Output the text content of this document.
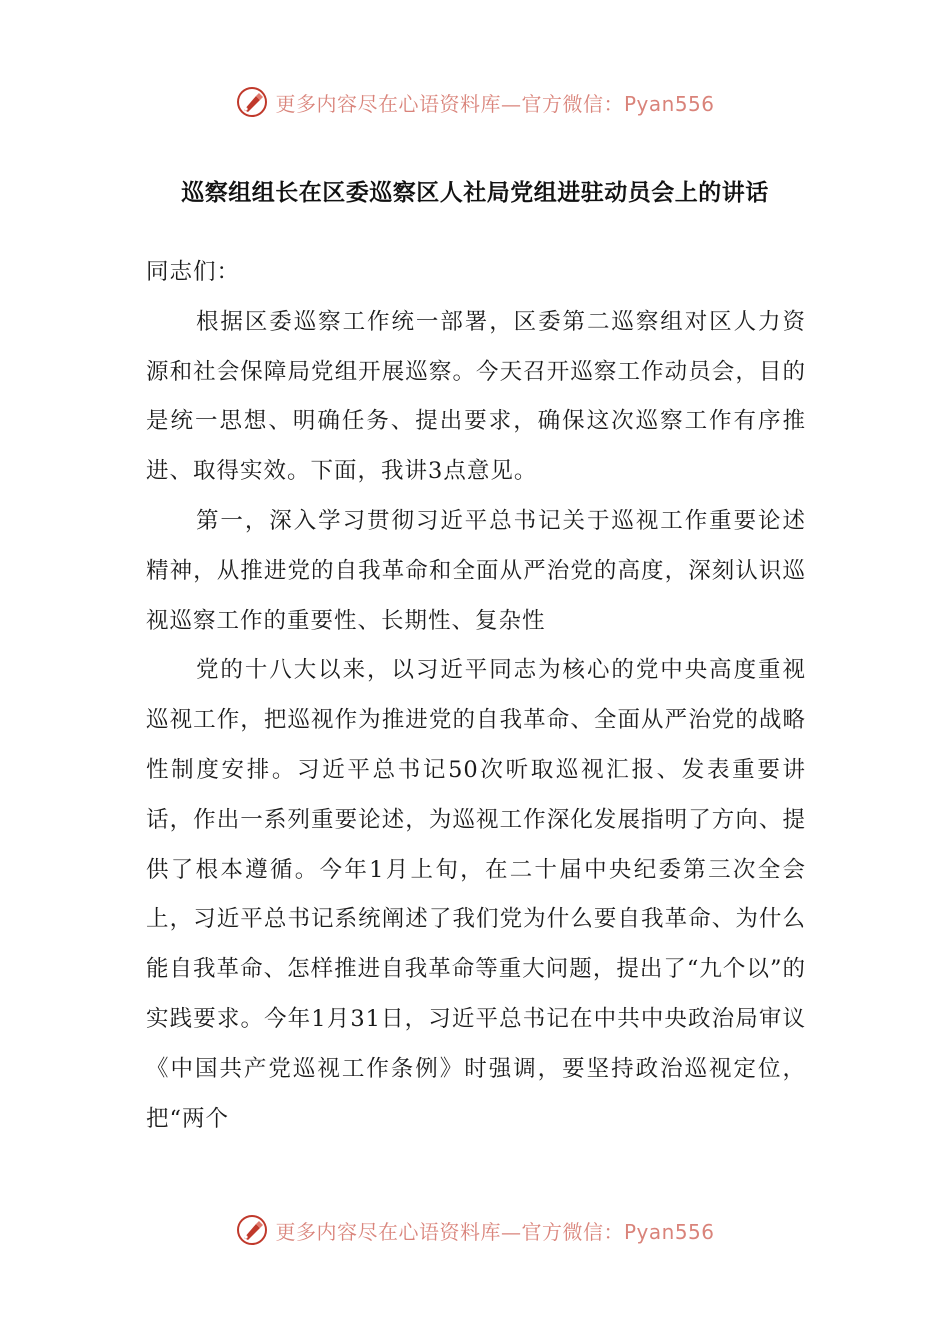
更多内容尽在心语资料库—官方微信：Pyan556
巡察组组长在区委巡察区人社局党组进驻动员会上的讲话

同志们：

根据区委巡察工作统一部署，区委第二巡察组对区人力资源和社会保障局党组开展巡察。今天召开巡察工作动员会，目的是统一思想、明确任务、提出要求，确保这次巡察工作有序推进、取得实效。下面，我讲3点意见。

第一，深入学习贯彻习近平总书记关于巡视工作重要论述精神，从推进党的自我革命和全面从严治党的高度，深刻认识巡视巡察工作的重要性、长期性、复杂性

党的十八大以来，以习近平同志为核心的党中央高度重视巡视工作，把巡视作为推进党的自我革命、全面从严治党的战略性制度安排。习近平总书记50次听取巡视汇报、发表重要讲话，作出一系列重要论述，为巡视工作深化发展指明了方向、提供了根本遵循。今年1月上旬，在二十届中央纪委第三次全会上，习近平总书记系统阐述了我们党为什么要自我革命、为什么能自我革命、怎样推进自我革命等重大问题，提出了“九个以”的实践要求。今年1月31日，习近平总书记在中共中央政治局审议《中国共产党巡视工作条例》时强调，要坚持政治巡视定位，把“两个

更多内容尽在心语资料库—官方微信：Pyan556
